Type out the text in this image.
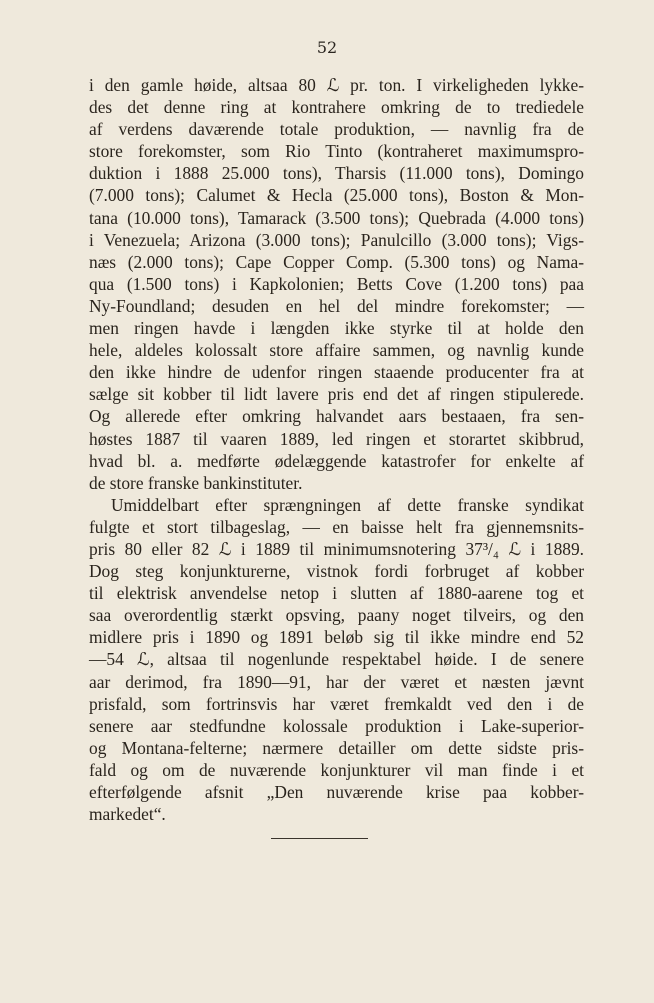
52
i den gamle høide, altsaa 80 ℒ pr. ton. I virkeligheden lykke-
des det denne ring at kontrahere omkring de to trediedele
af verdens daværende totale produktion, — navnlig fra de
store forekomster, som Rio Tinto (kontraheret maximumspro-
duktion i 1888 25.000 tons), Tharsis (11.000 tons), Domingo
(7.000 tons); Calumet & Hecla (25.000 tons), Boston & Mon-
tana (10.000 tons), Tamarack (3.500 tons); Quebrada (4.000 tons)
i Venezuela; Arizona (3.000 tons); Panulcillo (3.000 tons); Vigs-
næs (2.000 tons); Cape Copper Comp. (5.300 tons) og Nama-
qua (1.500 tons) i Kapkolonien; Betts Cove (1.200 tons) paa
Ny-Foundland; desuden en hel del mindre forekomster; —
men ringen havde i længden ikke styrke til at holde den
hele, aldeles kolossalt store affaire sammen, og navnlig kunde
den ikke hindre de udenfor ringen staaende producenter fra at
sælge sit kobber til lidt lavere pris end det af ringen stipulerede.
Og allerede efter omkring halvandet aars bestaaen, fra sen-
høstes 1887 til vaaren 1889, led ringen et storartet skibbrud,
hvad bl. a. medførte ødelæggende katastrofer for enkelte af
de store franske bankinstituter.
Umiddelbart efter sprængningen af dette franske syndikat
fulgte et stort tilbageslag, — en baisse helt fra gjennemsnits-
pris 80 eller 82 ℒ i 1889 til minimumsnotering 37³/₄ ℒ i 1889.
Dog steg konjunkturerne, vistnok fordi forbruget af kobber
til elektrisk anvendelse netop i slutten af 1880-aarene tog et
saa overordentlig stærkt opsving, paany noget tilveirs, og den
midlere pris i 1890 og 1891 beløb sig til ikke mindre end 52
—54 ℒ, altsaa til nogenlunde respektabel høide. I de senere
aar derimod, fra 1890—91, har der været et næsten jævnt
prisfald, som fortrinsvis har været fremkaldt ved den i de
senere aar stedfundne kolossale produktion i Lake-superior-
og Montana-felterne; nærmere detailler om dette sidste pris-
fald og om de nuværende konjunkturer vil man finde i et
efterfølgende afsnit „Den nuværende krise paa kobber-
markedet“.
